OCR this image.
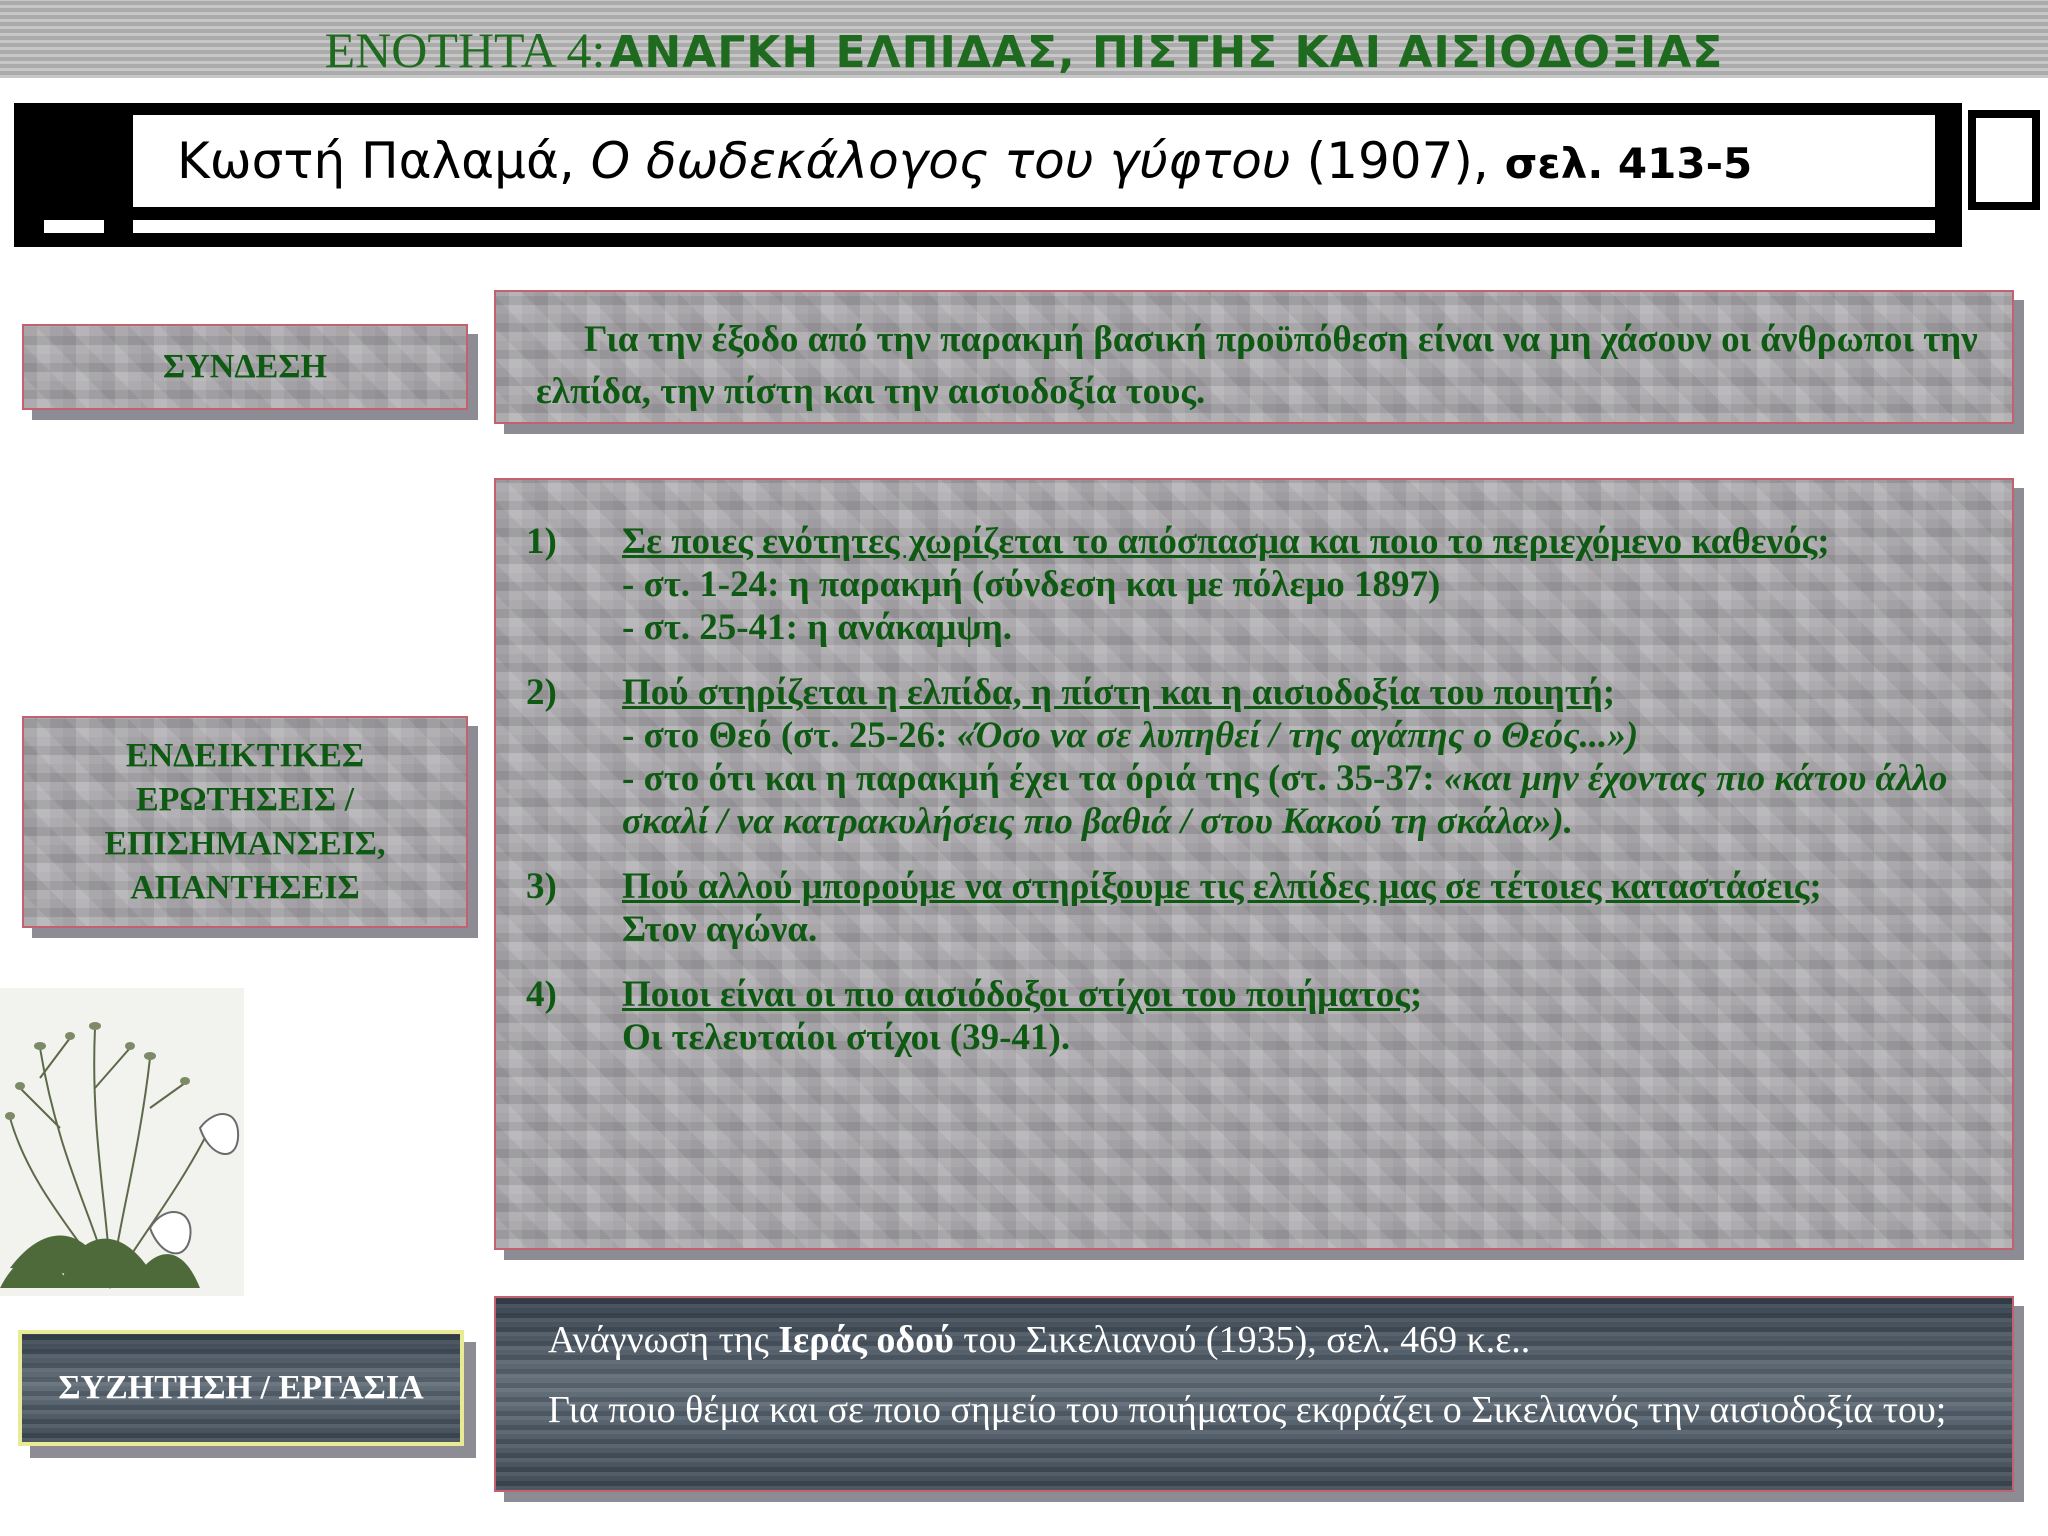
ΕΝΟΤΗΤΑ 4: ΑΝΑΓΚΗ ΕΛΠΙΔΑΣ, ΠΙΣΤΗΣ ΚΑΙ ΑΙΣΙΟΔΟΞΙΑΣ
Κωστή Παλαμά, Ο δωδεκάλογος του γύφτου (1907), σελ. 413-5
ΣΥΝΔΕΣΗ
Για την έξοδο από την παρακμή βασική προϋπόθεση είναι να μη χάσουν οι άνθρωποι την ελπίδα, την πίστη και την αισιοδοξία τους.
ΕΝΔΕΙΚΤΙΚΕΣ ΕΡΩΤΗΣΕΙΣ / ΕΠΙΣΗΜΑΝΣΕΙΣ, ΑΠΑΝΤΗΣΕΙΣ
1)	Σε ποιες ενότητες χωρίζεται το απόσπασμα και ποιο το περιεχόμενο καθενός;
- στ. 1-24: η παρακμή (σύνδεση και με πόλεμο 1897)
- στ. 25-41: η ανάκαμψη.
2)	Πού στηρίζεται η ελπίδα, η πίστη και η αισιοδοξία του ποιητή;
- στο Θεό (στ. 25-26: «Όσο να σε λυπηθεί / της αγάπης ο Θεός...»)
- στο ότι και η παρακμή έχει τα όριά της (στ. 35-37: «και μην έχοντας πιο κάτου άλλο σκαλί / να κατρακυλήσεις πιο βαθιά / στου Κακού τη σκάλα»).
3)	Πού αλλού μπορούμε να στηρίξουμε τις ελπίδες μας σε τέτοιες καταστάσεις;
Στον αγώνα.
4)	Ποιοι είναι οι πιο αισιόδοξοι στίχοι του ποιήματος;
Οι τελευταίοι στίχοι (39-41).
ΣΥΖΗΤΗΣΗ / ΕΡΓΑΣΙΑ
Ανάγνωση της Ιεράς οδού του Σικελιανού (1935), σελ. 469 κ.ε..
Για ποιο θέμα και σε ποιο σημείο του ποιήματος εκφράζει ο Σικελιανός την αισιοδοξία του;
